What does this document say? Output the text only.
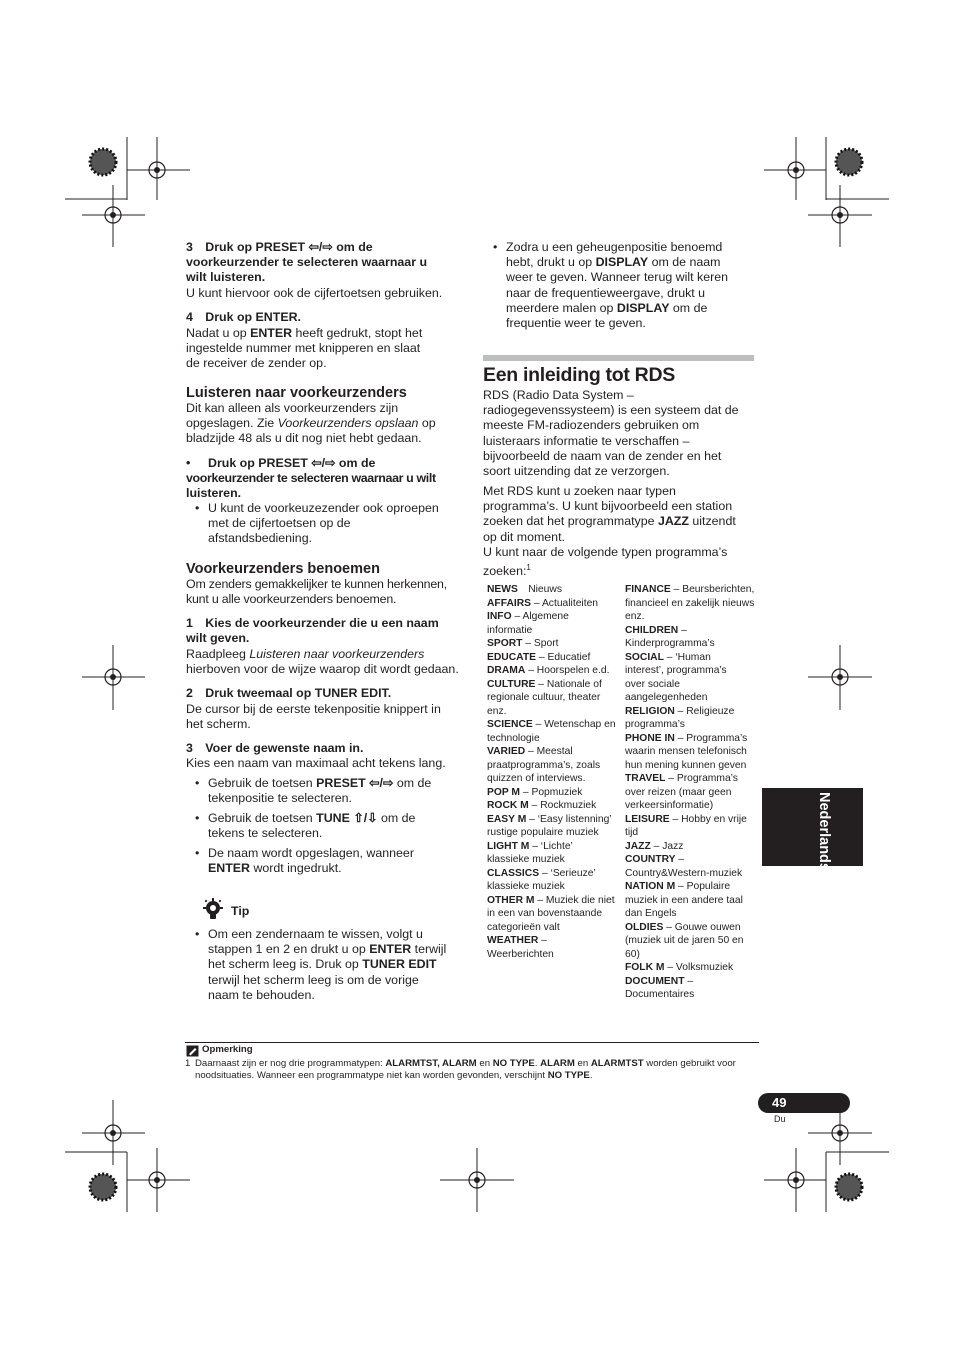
3 Druk op PRESET ⇦/⇨ om de
voorkeurzender te selecteren waarnaar u
wilt luisteren.
U kunt hiervoor ook de cijfertoetsen gebruiken.
4 Druk op ENTER.
Nadat u op ENTER heeft gedrukt, stopt het
ingestelde nummer met knipperen en slaat
de receiver de zender op.
Luisteren naar voorkeurzenders
Dit kan alleen als voorkeurzenders zijn
opgeslagen. Zie Voorkeurzenders opslaan op
bladzijde 48 als u dit nog niet hebt gedaan.
• Druk op PRESET ⇦/⇨ om de
voorkeurzender te selecteren waarnaar u wilt
luisteren.
• U kunt de voorkeuzezender ook oproepen
met de cijfertoetsen op de
afstandsbediening.
Voorkeurzenders benoemen
Om zenders gemakkelijker te kunnen herkennen,
kunt u alle voorkeurzenders benoemen.
1 Kies de voorkeurzender die u een naam
wilt geven.
Raadpleeg Luisteren naar voorkeurzenders
hierboven voor de wijze waarop dit wordt gedaan.
2 Druk tweemaal op TUNER EDIT.
De cursor bij de eerste tekenpositie knippert in
het scherm.
3 Voer de gewenste naam in.
Kies een naam van maximaal acht tekens lang.
• Gebruik de toetsen PRESET ⇦/⇨ om de
tekenpositie te selecteren.
• Gebruik de toetsen TUNE ⇧/⇩ om de
tekens te selecteren.
• De naam wordt opgeslagen, wanneer
ENTER wordt ingedrukt.
Tip
• Om een zendernaam te wissen, volgt u
stappen 1 en 2 en drukt u op ENTER terwijl
het scherm leeg is. Druk op TUNER EDIT
terwijl het scherm leeg is om de vorige
naam te behouden.
• Zodra u een geheugenpositie benoemd
hebt, drukt u op DISPLAY om de naam
weer te geven. Wanneer terug wilt keren
naar de frequentieweergave, drukt u
meerdere malen op DISPLAY om de
frequentie weer te geven.
Een inleiding tot RDS
RDS (Radio Data System –
radiogegevenssysteem) is een systeem dat de
meeste FM-radiozenders gebruiken om
luisteraars informatie te verschaffen –
bijvoorbeeld de naam van de zender en het
soort uitzending dat ze verzorgen.
Met RDS kunt u zoeken naar typen
programma’s. U kunt bijvoorbeeld een station
zoeken dat het programmatype JAZZ uitzendt
op dit moment.
U kunt naar de volgende typen programma’s
zoeken:$^1$
NEWS Nieuws
AFFAIRS – Actualiteiten
INFO – Algemene
informatie
SPORT – Sport
EDUCATE – Educatief
DRAMA – Hoorspelen e.d.
CULTURE – Nationale of
regionale cultuur, theater
enz.
SCIENCE – Wetenschap en
technologie
VARIED – Meestal
praatprogramma’s, zoals
quizzen of interviews.
POP M – Popmuziek
ROCK M – Rockmuziek
EASY M – ‘Easy listenning’
rustige populaire muziek
LIGHT M – ‘Lichte’
klassieke muziek
CLASSICS – ‘Serieuze’
klassieke muziek
OTHER M – Muziek die niet
in een van bovenstaande
categorieën valt
WEATHER –
Weerberichten
FINANCE – Beursberichten,
financieel en zakelijk nieuws
enz.
CHILDREN –
Kinderprogramma’s
SOCIAL – ‘Human
interest’, programma’s
over sociale
aangelegenheden
RELIGION – Religieuze
programma’s
PHONE IN – Programma’s
waarin mensen telefonisch
hun mening kunnen geven
TRAVEL – Programma’s
over reizen (maar geen
verkeersinformatie)
LEISURE – Hobby en vrije
tijd
JAZZ – Jazz
COUNTRY –
Country&Western-muziek
NATION M – Populaire
muziek in een andere taal
dan Engels
OLDIES – Gouwe ouwen
(muziek uit de jaren 50 en
60)
FOLK M – Volksmuziek
DOCUMENT –
Documentaires
Nederlands
Opmerking
1 Daarnaast zijn er nog drie programmatypen: ALARMTST, ALARM en NO TYPE. ALARM en ALARMTST worden gebruikt voor
noodsituaties. Wanneer een programmatype niet kan worden gevonden, verschijnt NO TYPE.
49
Du
